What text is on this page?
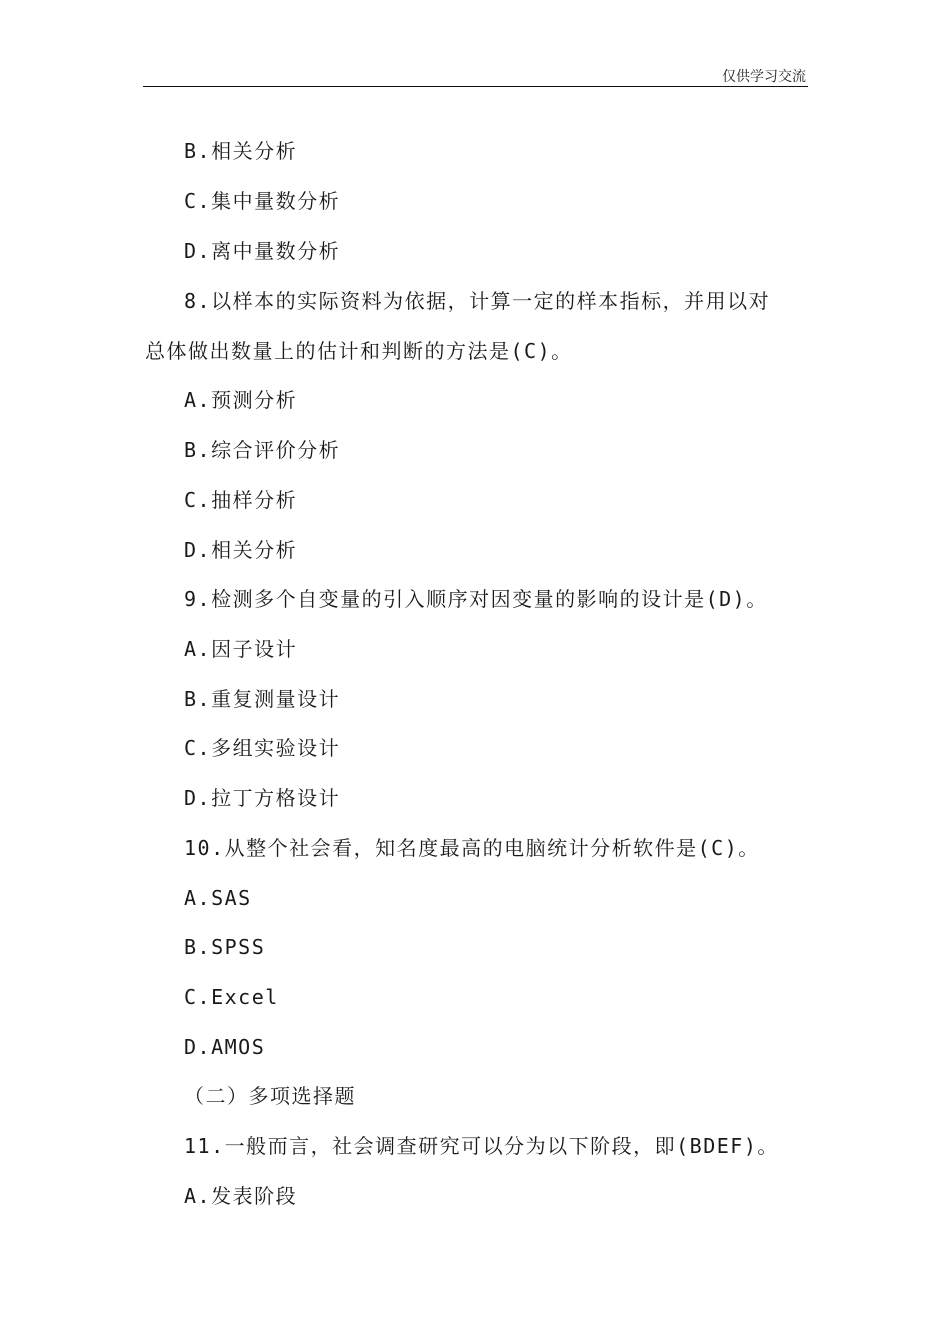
仅供学习交流
B.相关分析
C.集中量数分析
D.离中量数分析
8.以样本的实际资料为依据，计算一定的样本指标，并用以对
总体做出数量上的估计和判断的方法是(C)。
A.预测分析
B.综合评价分析
C.抽样分析
D.相关分析
9.检测多个自变量的引入顺序对因变量的影响的设计是(D)。
A.因子设计
B.重复测量设计
C.多组实验设计
D.拉丁方格设计
10.从整个社会看，知名度最高的电脑统计分析软件是(C)。
A.SAS
B.SPSS
C.Excel
D.AMOS
（二）多项选择题
11.一般而言，社会调查研究可以分为以下阶段，即(BDEF)。
A.发表阶段
